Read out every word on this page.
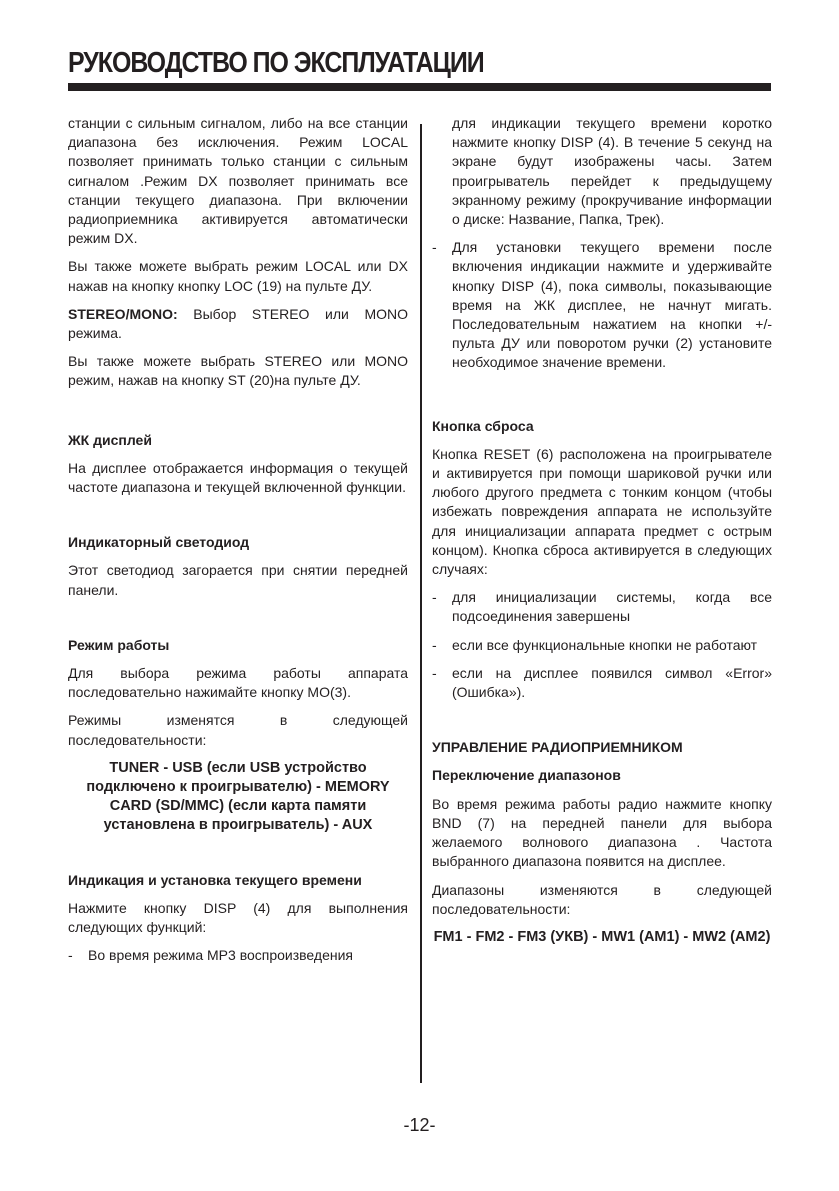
РУКОВОДСТВО ПО ЭКСПЛУАТАЦИИ

станции с сильным сигналом, либо на все станции диапазона без исключения. Режим LOCAL позволяет принимать только станции с сильным сигналом .Режим DX позволяет принимать все станции текущего диапазона. При включении радиоприемника активируется автоматически режим DX.

Вы также можете выбрать режим LOCAL или DX нажав на кнопку кнопку LOC (19) на пульте ДУ.

STEREO/MONO: Выбор STEREO или MONO режима.

Вы также можете выбрать STEREO или MONO режим, нажав на кнопку ST (20)на пульте ДУ.

ЖК дисплей

На дисплее отображается информация о текущей частоте диапазона и текущей включенной функции.

Индикаторный светодиод

Этот светодиод загорается при снятии передней панели.

Режим работы

Для выбора режима работы аппарата последовательно нажимайте кнопку МО(3).

Режимы изменятся в следующей последовательности:

TUNER - USB (если USB устройство подключено к проигрывателю) - MEMORY CARD (SD/MMC) (если карта памяти установлена в проигрыватель) - AUX
Индикация и установка текущего времени

Нажмите кнопку DISP (4) для выполнения следующих функций:

-	Во время режима MP3 воспроизведения

для индикации текущего времени коротко нажмите кнопку DISP (4). В течение 5 секунд на экране будут изображены часы. Затем проигрыватель перейдет к предыдущему экранному режиму (прокручивание информации о диске: Название, Папка, Трек).

-	Для установки текущего времени после включения индикации нажмите и удерживайте кнопку DISP (4), пока символы, показывающие время на ЖК дисплее, не начнут мигать. Последовательным нажатием на кнопки +/- пульта ДУ или поворотом ручки (2) установите необходимое значение времени.
Кнопка сброса

Кнопка RESET (6) расположена на проигрывателе и активируется при помощи шариковой ручки или любого другого предмета с тонким концом (чтобы избежать повреждения аппарата не используйте для инициализации аппарата предмет с острым концом). Кнопка сброса активируется в следующих случаях:

-	для инициализации системы, когда все подсоединения завершены
-	если все функциональные кнопки не работают
-	если на дисплее появился символ «Error» (Ошибка»).
УПРАВЛЕНИЕ РАДИОПРИЕМНИКОМ
Переключение диапазонов

Во время режима работы радио нажмите кнопку BND (7) на передней панели для выбора желаемого волнового диапазона . Частота выбранного диапазона появится на дисплее.

Диапазоны изменяются в следующей последовательности:

FM1 - FM2 - FM3 (УКВ) - MW1 (AM1) - MW2 (AM2)
-12-
